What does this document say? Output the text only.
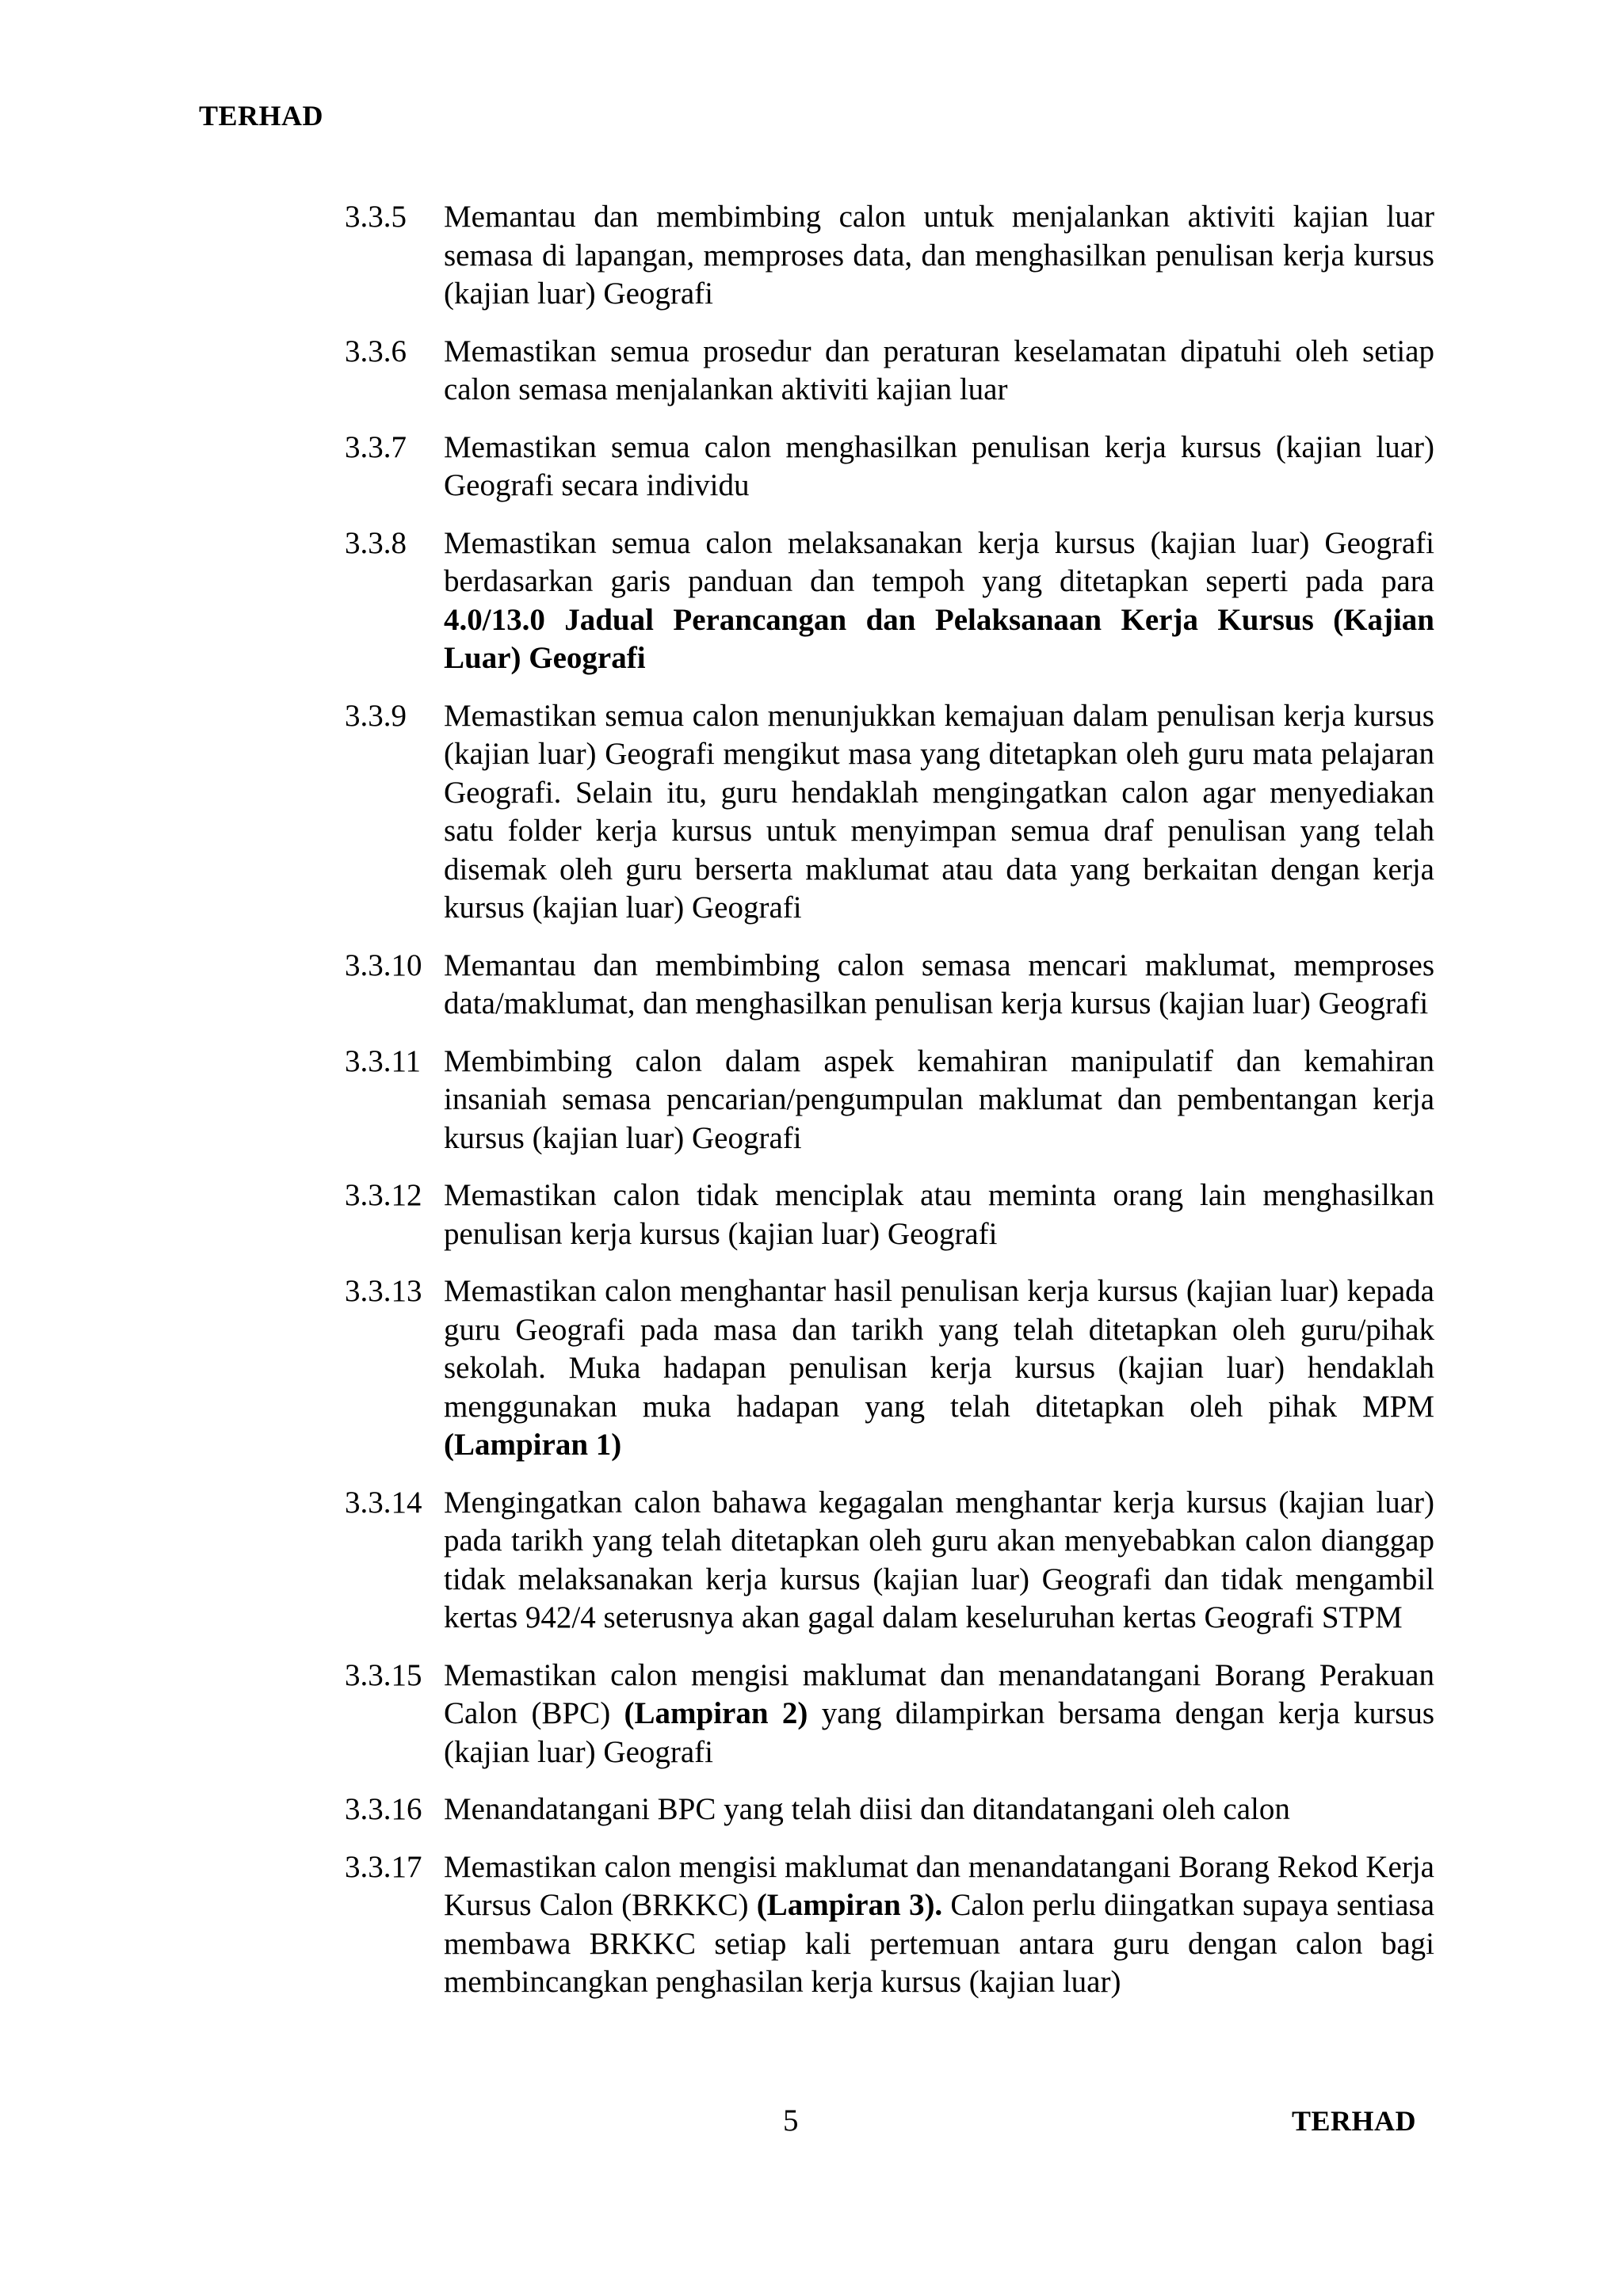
TERHAD
3.3.5 Memantau dan membimbing calon untuk menjalankan aktiviti kajian luar semasa di lapangan, memproses data, dan menghasilkan penulisan kerja kursus (kajian luar) Geografi
3.3.6 Memastikan semua prosedur dan peraturan keselamatan dipatuhi oleh setiap calon semasa menjalankan aktiviti kajian luar
3.3.7 Memastikan semua calon menghasilkan penulisan kerja kursus (kajian luar) Geografi secara individu
3.3.8 Memastikan semua calon melaksanakan kerja kursus (kajian luar) Geografi berdasarkan garis panduan dan tempoh yang ditetapkan seperti pada para 4.0/13.0 Jadual Perancangan dan Pelaksanaan Kerja Kursus (Kajian Luar) Geografi
3.3.9 Memastikan semua calon menunjukkan kemajuan dalam penulisan kerja kursus (kajian luar) Geografi mengikut masa yang ditetapkan oleh guru mata pelajaran Geografi. Selain itu, guru hendaklah mengingatkan calon agar menyediakan satu folder kerja kursus untuk menyimpan semua draf penulisan yang telah disemak oleh guru berserta maklumat atau data yang berkaitan dengan kerja kursus (kajian luar) Geografi
3.3.10 Memantau dan membimbing calon semasa mencari maklumat, memproses data/maklumat, dan menghasilkan penulisan kerja kursus (kajian luar) Geografi
3.3.11 Membimbing calon dalam aspek kemahiran manipulatif dan kemahiran insaniah semasa pencarian/pengumpulan maklumat dan pembentangan kerja kursus (kajian luar) Geografi
3.3.12 Memastikan calon tidak menciplak atau meminta orang lain menghasilkan penulisan kerja kursus (kajian luar) Geografi
3.3.13 Memastikan calon menghantar hasil penulisan kerja kursus (kajian luar) kepada guru Geografi pada masa dan tarikh yang telah ditetapkan oleh guru/pihak sekolah. Muka hadapan penulisan kerja kursus (kajian luar) hendaklah menggunakan muka hadapan yang telah ditetapkan oleh pihak MPM (Lampiran 1)
3.3.14 Mengingatkan calon bahawa kegagalan menghantar kerja kursus (kajian luar) pada tarikh yang telah ditetapkan oleh guru akan menyebabkan calon dianggap tidak melaksanakan kerja kursus (kajian luar) Geografi dan tidak mengambil kertas 942/4 seterusnya akan gagal dalam keseluruhan kertas Geografi STPM
3.3.15 Memastikan calon mengisi maklumat dan menandatangani Borang Perakuan Calon (BPC) (Lampiran 2) yang dilampirkan bersama dengan kerja kursus (kajian luar) Geografi
3.3.16 Menandatangani BPC yang telah diisi dan ditandatangani oleh calon
3.3.17 Memastikan calon mengisi maklumat dan menandatangani Borang Rekod Kerja Kursus Calon (BRKKC) (Lampiran 3). Calon perlu diingatkan supaya sentiasa membawa BRKKC setiap kali pertemuan antara guru dengan calon bagi membincangkan penghasilan kerja kursus (kajian luar)
5	TERHAD
